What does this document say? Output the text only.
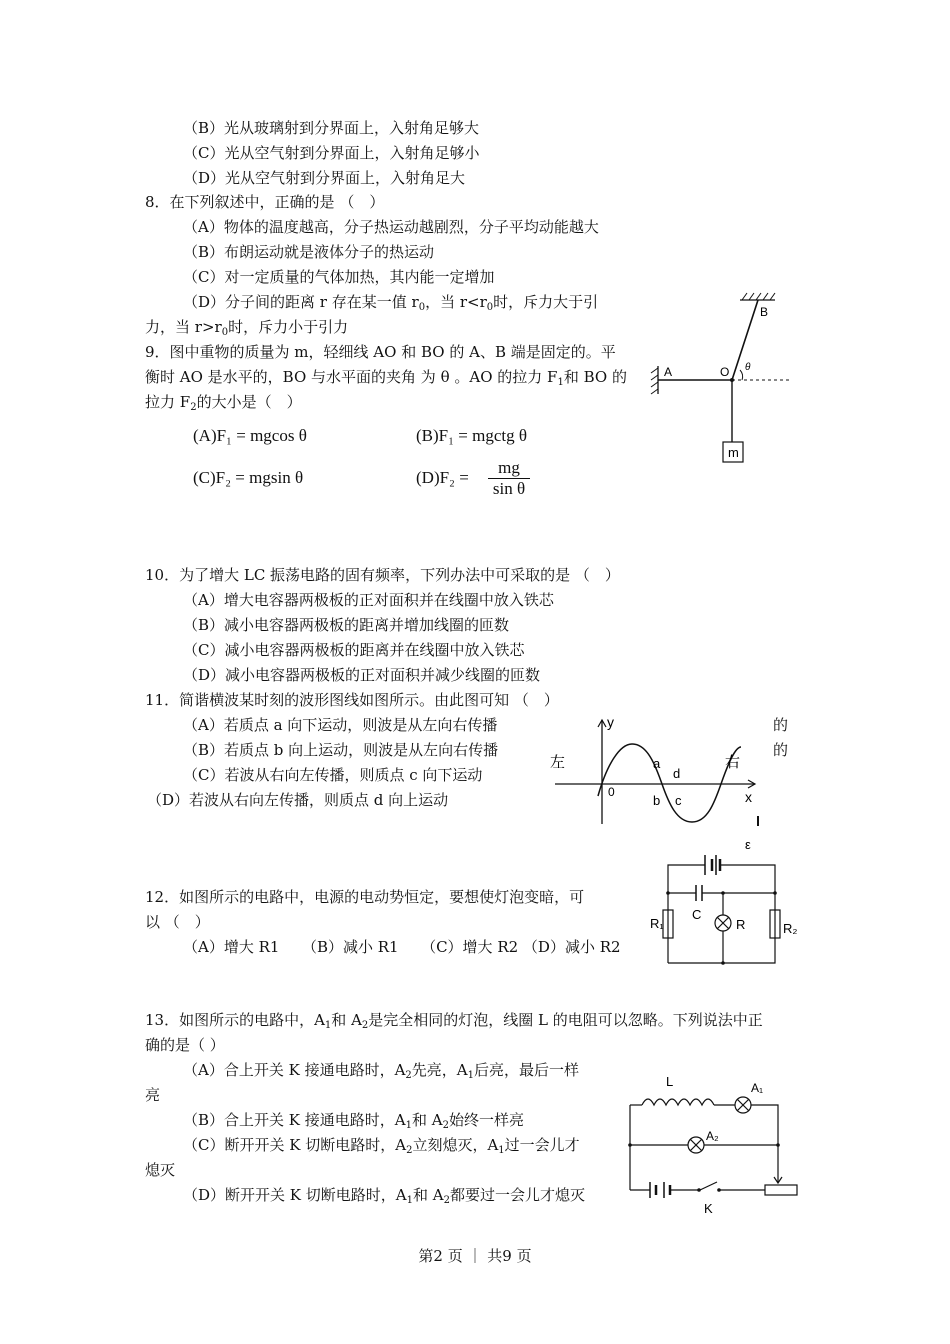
（B）光从玻璃射到分界面上，入射角足够大
（C）光从空气射到分界面上，入射角足够小
（D）光从空气射到分界面上，入射角足大
8．在下列叙述中，正确的是 （　）
（A）物体的温度越高，分子热运动越剧烈，分子平均动能越大
（B）布朗运动就是液体分子的热运动
（C）对一定质量的气体加热，其内能一定增加
（D）分子间的距离 r 存在某一值 $r_0$，当 $r<r_0$时，斥力大于引
力，当 $r>r_0$时，斥力小于引力
9．图中重物的质量为 m，轻细线 AO 和 BO 的 A、B 端是固定的。平
衡时 AO 是水平的，BO 与水平面的夹角 为 θ 。AO 的拉力 $F_1$和 BO 的
拉力 $F_2$的大小是（　）
(A)F₁ = mgcos θ	(B)F₁ = mgctg θ
(C)F₂ = mgsin θ	(D)F₂ =
mg
sin θ
B
A	O θ
m
10．为了增大 LC 振荡电路的固有频率，下列办法中可采取的是 （　）
（A）增大电容器两极板的正对面积并在线圈中放入铁芯
（B）减小电容器两极板的距离并增加线圈的匝数
（C）减小电容器两极板的距离并在线圈中放入铁芯
（D）减小电容器两极板的正对面积并减少线圈的匝数
11．简谐横波某时刻的波形图线如图所示。由此图可知 （　）
（A）若质点 a 向下运动，则波是从左向右传播	的
（B）若质点 b 向上运动，则波是从左向右传播	的
（C）若波从右向左传播，则质点 c 向下运动
（D）若波从右向左传播，则质点 d 向上运动
y
x
左	右
0
a
b c
d
12．如图所示的电路中，电源的电动势恒定，要想使灯泡变暗，可
以 （　）
（A）增大 R1　　（B）减小 R1　　（C）增大 R2 （D）减小 R2
ε
C
R
R₁	R₂
13．如图所示的电路中，$A_1$和 $A_2$是完全相同的灯泡，线圈 L 的电阻可以忽略。下列说法中正
确的是（ ）
（A）合上开关 K 接通电路时，$A_2$先亮，$A_1$后亮，最后一样
亮
（B）合上开关 K 接通电路时，$A_1$和 $A_2$始终一样亮
（C）断开开关 K 切断电路时，$A_2$立刻熄灭，$A_1$过一会儿才
熄灭
（D）断开开关 K 切断电路时，$A_1$和 $A_2$都要过一会儿才熄灭
L	A₁
A₂
K
第2 页 ｜ 共9 页
